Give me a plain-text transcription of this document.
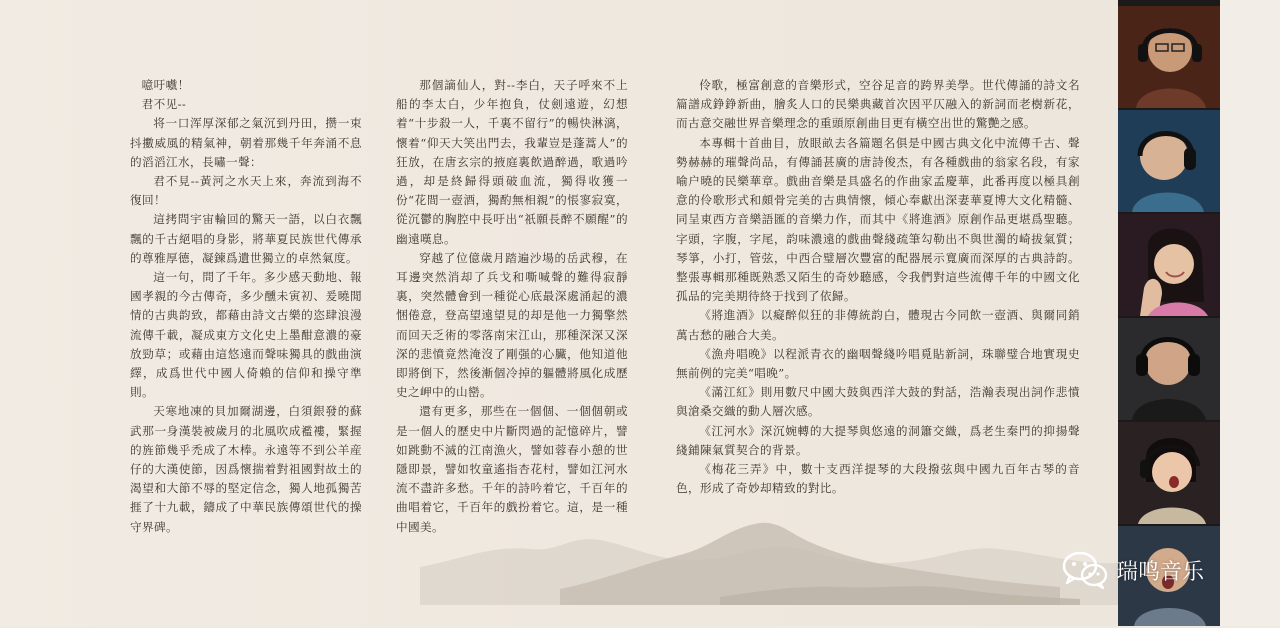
噫吁嚱！

君不见--

将一口浑厚深郁之氣沉到丹田，攒一束抖擻威風的精氣神，朝着那幾千年奔涌不息的滔滔江水，長嘯一聲：

君不見--黃河之水天上來，奔流到海不復回！

這拷問宇宙輪回的驚天一語，以白衣飄飄的千古絕唱的身影，將華夏民族世代傳承的尊雅厚德，凝鍊爲遺世獨立的卓然氣度。

這一句，問了千年。多少感天動地、報國孝親的今古傳奇，多少醺未寅初、爰曉閒情的古典韵致，都藉由詩文古樂的恣肆浪漫流傳千載，凝成東方文化史上墨酣意濃的豪放勁草；或藉由這悠遠而聲味獨具的戲曲演繹，成爲世代中國人倚賴的信仰和操守準則。

天寒地凍的貝加爾湖邊，白須銀發的蘇武那一身漢裝被歲月的北風吹成襤褸，緊握的旌節幾乎禿成了木棒。永遠等不到公羊産仔的大漢使節，因爲懷揣着對祖國對故土的渴望和大節不辱的堅定信念，獨人地孤獨苦捱了十九載，鑄成了中華民族傳頌世代的操守界碑。

那個謫仙人，對--李白，天子呼來不上船的李太白，少年抱負，仗劍遠遊，幻想着“十步殺一人，千裏不留行”的暢快淋漓，懷着“仰天大笑出門去，我輩豈是蓬蒿人”的狂放，在唐玄宗的掖庭裏飲過醉過，歌過吟過，却是終歸得頭破血流，獨得收獲一份“花間一壺酒，獨酌無相親”的悵寥寂寞，從沉鬱的胸腔中長吁出“祇願長醉不願醒”的幽遠嘆息。

穿越了位億歲月踏遍沙場的岳武穆，在耳邊突然消却了兵戈和嘶喊聲的難得寂靜裏，突然體會到一種從心底最深處涌起的濃悃倦意，登高望遠望見的却是他一力獨擎然而回天乏術的零落南宋江山，那種深深又深深的悲憤竟然淹沒了剛强的心臟，他知道他即將倒下，然後漸個冷掉的軀體將風化成歷史之岬中的山巒。

還有更多，那些在一個個、一個個朝或是一個人的歷史中片斷閃過的記憶碎片，譬如跳動不滅的江南漁火，譬如蓉春小憩的世隱即景，譬如牧童遙指杏花村，譬如江河水流不盡許多愁。千年的詩吟着它，千百年的曲唱着它，千百年的戲扮着它。這，是一種中國美。

伶歌，極富創意的音樂形式，空谷足音的跨界美學。世代傳誦的詩文名篇譜成錚錚新曲，膾炙人口的民樂典藏首次因平仄融入的新詞而老樹新花，而古意交融世界音樂理念的重頭原創曲目更有橫空出世的驚艷之感。

本專輯十首曲目，放眼畝去各篇題名俱是中國古典文化中流傳千古、聲勢赫赫的璀聲尚品，有傳誦甚廣的唐詩俊杰，有各種戲曲的翁家名段，有家喻户曉的民樂華章。戲曲音樂是具盛名的作曲家孟慶華，此番再度以極具創意的伶歌形式和頗骨完美的古典情懷，傾心奉獻出深妻華夏博大文化精髓、同呈東西方音樂語匯的音樂力作，而其中《將進酒》原創作品更堪爲聖聽。字頭，字腹，字尾，韵味濃遠的戲曲聲綫疏筆勾勒出不與世濁的崎拔氣質；琴箏，小打，管弦，中西合璧層次豐富的配器展示寬廣而深厚的古典詩韵。整張專輯那種既熟悉又陌生的奇妙聽感，令我們對這些流傳千年的中國文化孤品的完美期待終于找到了依歸。

《將進酒》以癡醉似狂的非傳統韵白，體現古今同飲一壺酒、與爾同銷萬古愁的融合大美。

《漁舟唱晚》以程派青衣的幽咽聲綫吟唱覓貼新詞，珠聯璧合地實現史無前例的完美“唱晚”。

《滿江紅》則用數尺中國大鼓與西洋大鼓的對話，浩瀚表現出詞作悲憤與滄桑交織的動人層次感。

《江河水》深沉婉轉的大提琴與悠遠的洞簫交織，爲老生秦門的抑揚聲綫鋪陳氣質契合的背景。

《梅花三弄》中，數十支西洋提琴的大段撥弦與中國九百年古琴的音色，形成了奇妙却精致的對比。

瑞鸣音乐
